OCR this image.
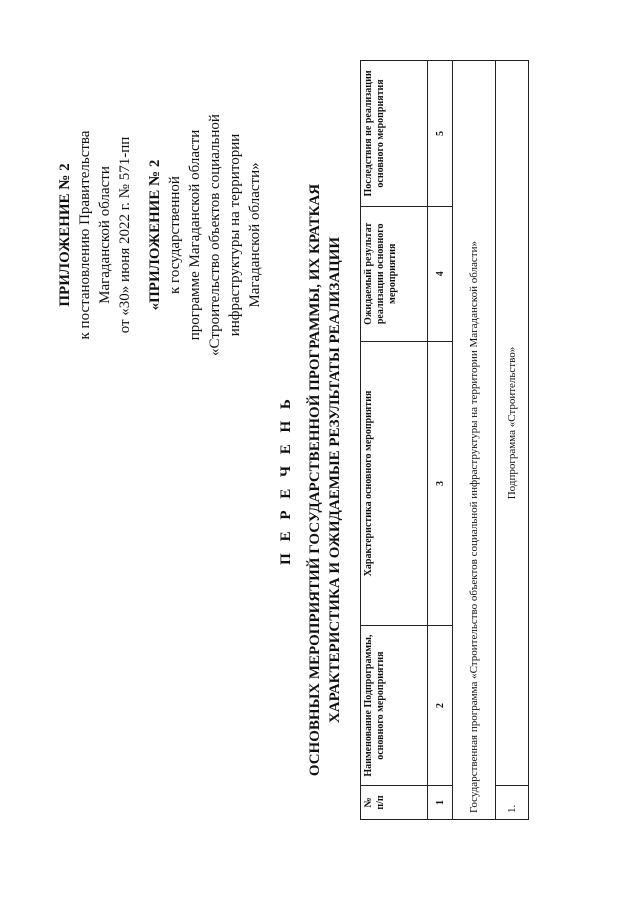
ПРИЛОЖЕНИЕ № 2 к постановлению Правительства Магаданской области от «30» июня 2022 г. № 571-пп «ПРИЛОЖЕНИЕ № 2 к государственной программе Магаданской области «Строительство объектов социальной инфраструктуры на территории Магаданской области»
П Е Р Е Ч Е Н Ь ОСНОВНЫХ МЕРОПРИЯТИЙ ГОСУДАРСТВЕННОЙ ПРОГРАММЫ, ИХ КРАТКАЯ ХАРАКТЕРИСТИКА И ОЖИДАЕМЫЕ РЕЗУЛЬТАТЫ РЕАЛИЗАЦИИ
№ п/п	Наименование Подпрограммы, основного мероприятия	Характеристика основного мероприятия	Ожидаемый результат реализации основного мероприятия	Последствия не реализации основного мероприятия
1	2	3	4	5
Государственная программа «Строительство объектов социальной инфраструктуры на территории Магаданской области»				
1.	Подпрограмма «Строительство»			
